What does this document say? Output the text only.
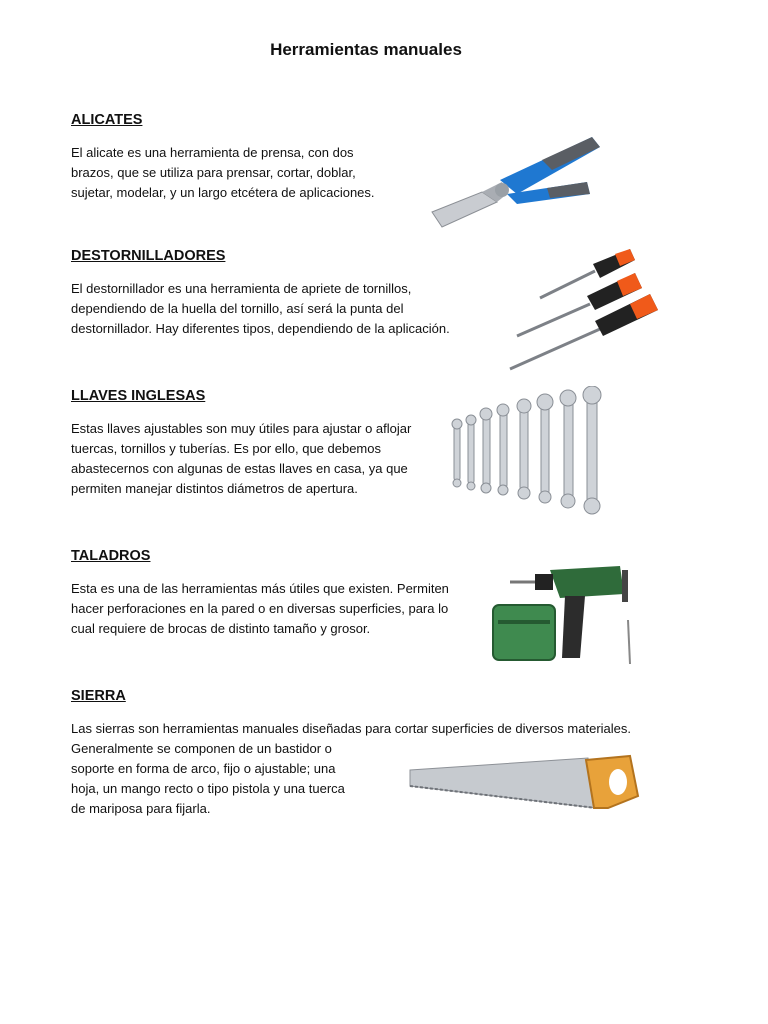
Herramientas manuales
ALICATES

El alicate es una herramienta de prensa, con dos
brazos, que se utiliza para prensar, cortar, doblar,
sujetar, modelar, y un largo etcétera de aplicaciones.

DESTORNILLADORES

El destornillador es una herramienta de apriete de tornillos,
dependiendo de la huella del tornillo, así será la punta del
destornillador. Hay diferentes tipos, dependiendo de la aplicación.

LLAVES INGLESAS

Estas llaves ajustables son muy útiles para ajustar o aflojar
tuercas, tornillos y tuberías. Es por ello, que debemos
abastecernos con algunas de estas llaves en casa, ya que
permiten manejar distintos diámetros de apertura.

TALADROS

Esta es una de las herramientas más útiles que existen. Permiten
hacer perforaciones en la pared o en diversas superficies, para lo
cual requiere de brocas de distinto tamaño y grosor.

SIERRA

Las sierras son herramientas manuales diseñadas para cortar superficies de diversos materiales.
Generalmente se componen de un bastidor o
soporte en forma de arco, fijo o ajustable; una
hoja, un mango recto o tipo pistola y una tuerca
de mariposa para fijarla.
